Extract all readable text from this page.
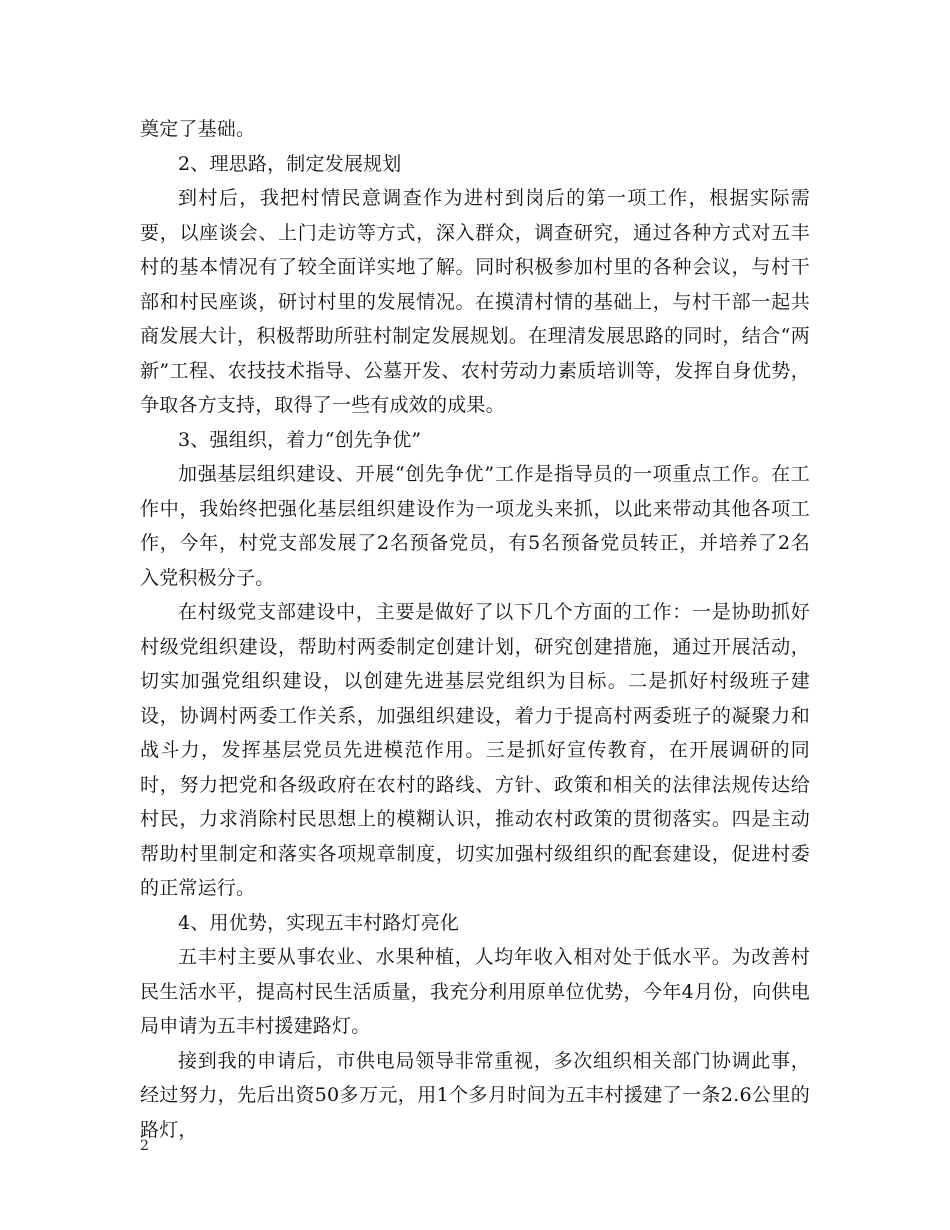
奠定了基础。

2、理思路，制定发展规划

到村后，我把村情民意调查作为进村到岗后的第一项工作，根据实际需要，以座谈会、上门走访等方式，深入群众，调查研究，通过各种方式对五丰村的基本情况有了较全面详实地了解。同时积极参加村里的各种会议，与村干部和村民座谈，研讨村里的发展情况。在摸清村情的基础上，与村干部一起共商发展大计，积极帮助所驻村制定发展规划。在理清发展思路的同时，结合“两新”工程、农技技术指导、公墓开发、农村劳动力素质培训等，发挥自身优势，争取各方支持，取得了一些有成效的成果。

3、强组织，着力“创先争优”

加强基层组织建设、开展“创先争优”工作是指导员的一项重点工作。在工作中，我始终把强化基层组织建设作为一项龙头来抓，以此来带动其他各项工作，今年，村党支部发展了2名预备党员，有5名预备党员转正，并培养了2名入党积极分子。

在村级党支部建设中，主要是做好了以下几个方面的工作：一是协助抓好村级党组织建设，帮助村两委制定创建计划，研究创建措施，通过开展活动，切实加强党组织建设，以创建先进基层党组织为目标。二是抓好村级班子建设，协调村两委工作关系，加强组织建设，着力于提高村两委班子的凝聚力和战斗力，发挥基层党员先进模范作用。三是抓好宣传教育，在开展调研的同时，努力把党和各级政府在农村的路线、方针、政策和相关的法律法规传达给村民，力求消除村民思想上的模糊认识，推动农村政策的贯彻落实。四是主动帮助村里制定和落实各项规章制度，切实加强村级组织的配套建设，促进村委的正常运行。

4、用优势，实现五丰村路灯亮化

五丰村主要从事农业、水果种植，人均年收入相对处于低水平。为改善村民生活水平，提高村民生活质量，我充分利用原单位优势，今年4月份，向供电局申请为五丰村援建路灯。

接到我的申请后，市供电局领导非常重视，多次组织相关部门协调此事，经过努力，先后出资50多万元，用1个多月时间为五丰村援建了一条2.6公里的路灯，

2
